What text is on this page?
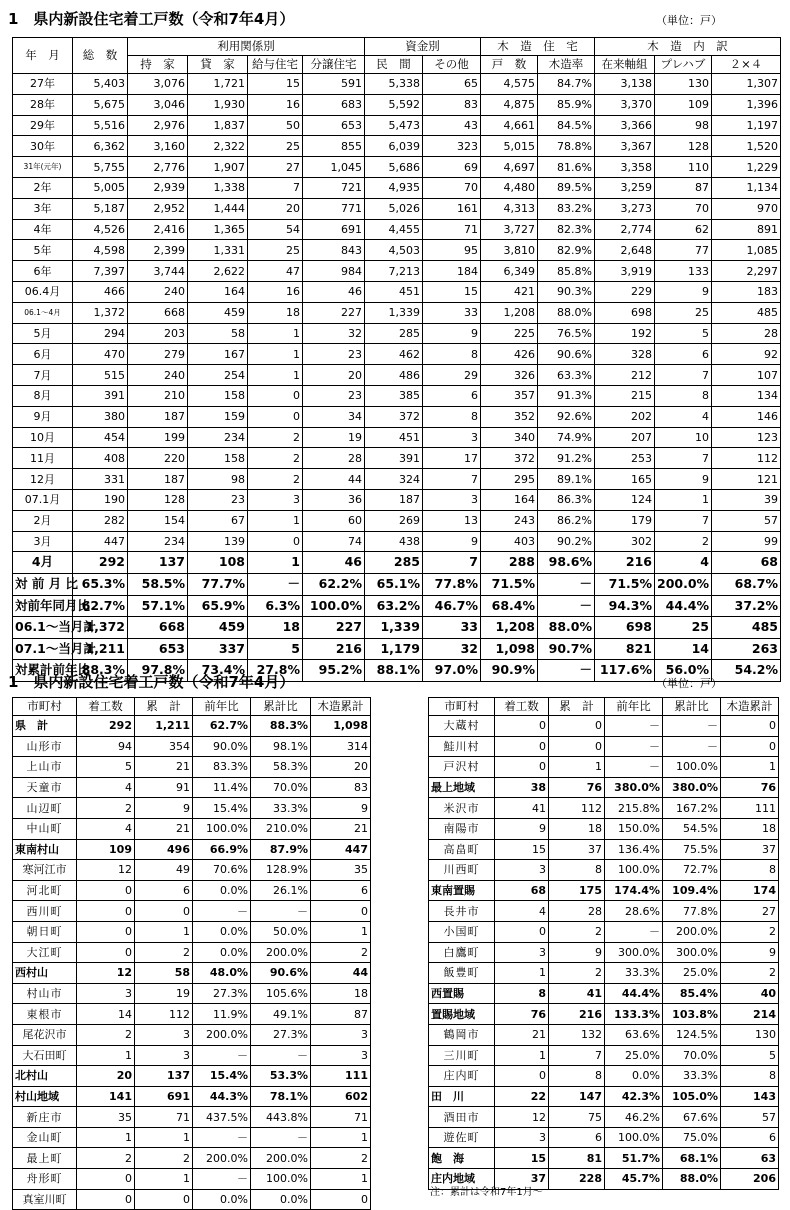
1　県内新設住宅着工戸数（令和7年4月）	（単位：戸）
年　月	総　数	利用関係別				資金別		木　造　住　宅		木　造　内　訳		
		持　家	貸　家	給与住宅	分譲住宅	民　間	その他	戸　数	木造率	在来軸組	プレハブ	２×４
27年	5,403	3,076	1,721	15	591	5,338	65	4,575	84.7%	3,138	130	1,307
28年	5,675	3,046	1,930	16	683	5,592	83	4,875	85.9%	3,370	109	1,396
29年	5,516	2,976	1,837	50	653	5,473	43	4,661	84.5%	3,366	98	1,197
30年	6,362	3,160	2,322	25	855	6,039	323	5,015	78.8%	3,367	128	1,520
31年(元年)	5,755	2,776	1,907	27	1,045	5,686	69	4,697	81.6%	3,358	110	1,229
2年	5,005	2,939	1,338	7	721	4,935	70	4,480	89.5%	3,259	87	1,134
3年	5,187	2,952	1,444	20	771	5,026	161	4,313	83.2%	3,273	70	970
4年	4,526	2,416	1,365	54	691	4,455	71	3,727	82.3%	2,774	62	891
5年	4,598	2,399	1,331	25	843	4,503	95	3,810	82.9%	2,648	77	1,085
6年	7,397	3,744	2,622	47	984	7,213	184	6,349	85.8%	3,919	133	2,297
06.4月	466	240	164	16	46	451	15	421	90.3%	229	9	183
06.1～4月	1,372	668	459	18	227	1,339	33	1,208	88.0%	698	25	485
5月	294	203	58	1	32	285	9	225	76.5%	192	5	28
6月	470	279	167	1	23	462	8	426	90.6%	328	6	92
7月	515	240	254	1	20	486	29	326	63.3%	212	7	107
8月	391	210	158	0	23	385	6	357	91.3%	215	8	134
9月	380	187	159	0	34	372	8	352	92.6%	202	4	146
10月	454	199	234	2	19	451	3	340	74.9%	207	10	123
11月	408	220	158	2	28	391	17	372	91.2%	253	7	112
12月	331	187	98	2	44	324	7	295	89.1%	165	9	121
07.1月	190	128	23	3	36	187	3	164	86.3%	124	1	39
2月	282	154	67	1	60	269	13	243	86.2%	179	7	57
3月	447	234	139	0	74	438	9	403	90.2%	302	2	99
4月	292	137	108	1	46	285	7	288	98.6%	216	4	68
対 前 月 比	65.3%	58.5%	77.7%	－	62.2%	65.1%	77.8%	71.5%	－	71.5%	200.0%	68.7%
対前年同月比	62.7%	57.1%	65.9%	6.3%	100.0%	63.2%	46.7%	68.4%	－	94.3%	44.4%	37.2%
06.1～当月計	1,372	668	459	18	227	1,339	33	1,208	88.0%	698	25	485
07.1～当月計	1,211	653	337	5	216	1,179	32	1,098	90.7%	821	14	263
対累計前年比	88.3%	97.8%	73.4%	27.8%	95.2%	88.1%	97.0%	90.9%	－	117.6%	56.0%	54.2%
1　県内新設住宅着工戸数（令和7年4月）	（単位：戸）
市町村	着工数	累　計	前年比	累計比	木造累計
県　計	292	1,211	62.7%	88.3%	1,098
山形市	94	354	90.0%	98.1%	314
上山市	5	21	83.3%	58.3%	20
天童市	4	91	11.4%	70.0%	83
山辺町	2	9	15.4%	33.3%	9
中山町	4	21	100.0%	210.0%	21
東南村山	109	496	66.9%	87.9%	447
寒河江市	12	49	70.6%	128.9%	35
河北町	0	6	0.0%	26.1%	6
西川町	0	0	－	－	0
朝日町	0	1	0.0%	50.0%	1
大江町	0	2	0.0%	200.0%	2
西村山	12	58	48.0%	90.6%	44
村山市	3	19	27.3%	105.6%	18
東根市	14	112	11.9%	49.1%	87
尾花沢市	2	3	200.0%	27.3%	3
大石田町	1	3	－	－	3
北村山	20	137	15.4%	53.3%	111
村山地域	141	691	44.3%	78.1%	602
新庄市	35	71	437.5%	443.8%	71
金山町	1	1	－	－	1
最上町	2	2	200.0%	200.0%	2
舟形町	0	1	－	100.0%	1
真室川町	0	0	0.0%	0.0%	0
市町村	着工数	累　計	前年比	累計比	木造累計
大蔵村	0	0	－	－	0
鮭川村	0	0	－	－	0
戸沢村	0	1	－	100.0%	1
最上地域	38	76	380.0%	380.0%	76
米沢市	41	112	215.8%	167.2%	111
南陽市	9	18	150.0%	54.5%	18
高畠町	15	37	136.4%	75.5%	37
川西町	3	8	100.0%	72.7%	8
東南置賜	68	175	174.4%	109.4%	174
長井市	4	28	28.6%	77.8%	27
小国町	0	2	－	200.0%	2
白鷹町	3	9	300.0%	300.0%	9
飯豊町	1	2	33.3%	25.0%	2
西置賜	8	41	44.4%	85.4%	40
置賜地域	76	216	133.3%	103.8%	214
鶴岡市	21	132	63.6%	124.5%	130
三川町	1	7	25.0%	70.0%	5
庄内町	0	8	0.0%	33.3%	8
田　川	22	147	42.3%	105.0%	143
酒田市	12	75	46.2%	67.6%	57
遊佐町	3	6	100.0%	75.0%	6
飽　海	15	81	51.7%	68.1%	63
庄内地域	37	228	45.7%	88.0%	206
注：累計は令和7年1月～
